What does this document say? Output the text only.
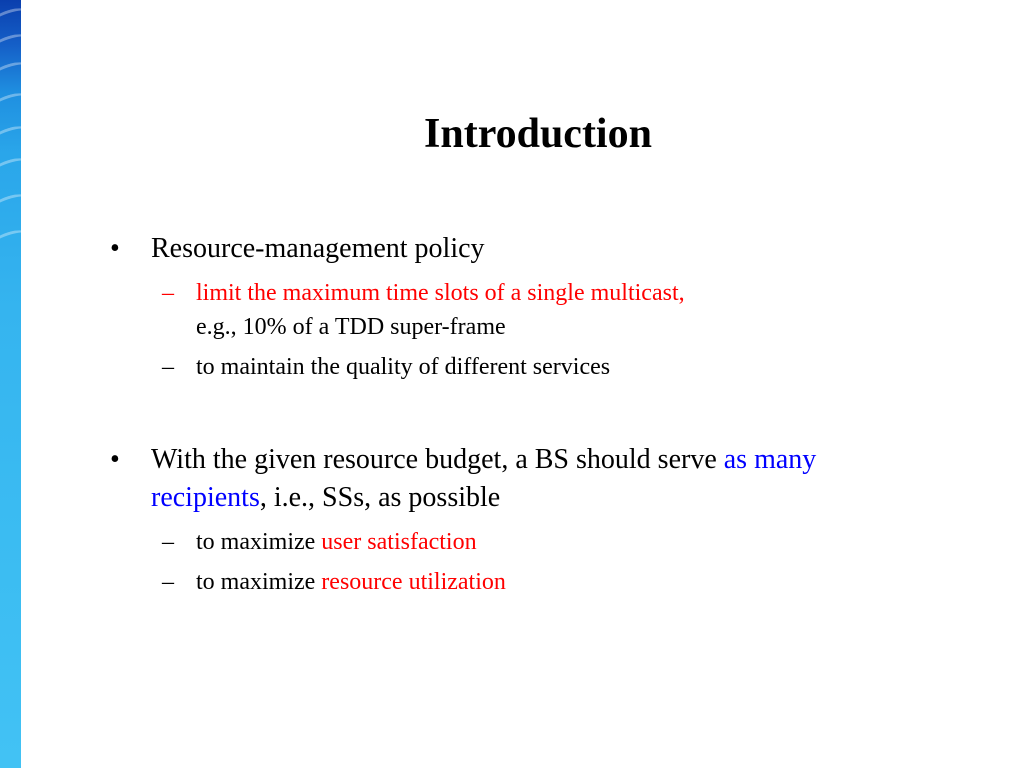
Introduction
• Resource-management policy
– limit the maximum time slots of a single multicast,
e.g., 10% of a TDD super-frame
– to maintain the quality of different services
• With the given resource budget, a BS should serve as many
recipients, i.e., SSs, as possible
– to maximize user satisfaction
– to maximize resource utilization
